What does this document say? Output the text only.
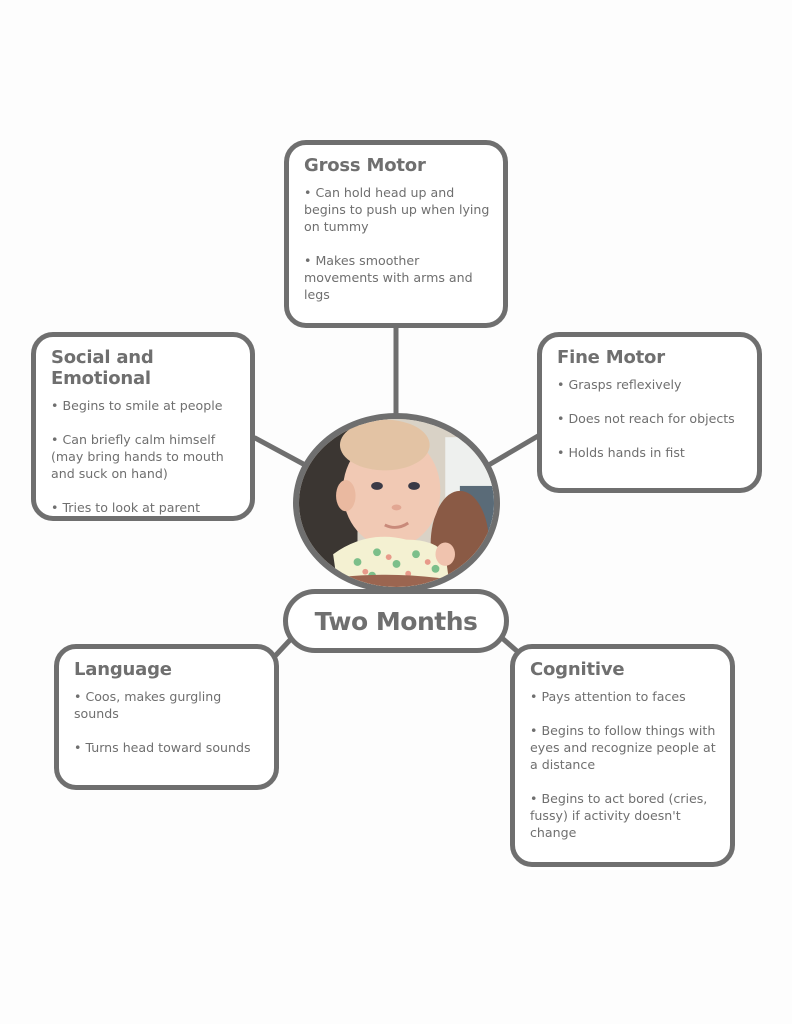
Gross Motor
• Can hold head up and begins to push up when lying on tummy
• Makes smoother movements with arms and legs
Social and Emotional
• Begins to smile at people
• Can briefly calm himself (may bring hands to mouth and suck on hand)
• Tries to look at parent
Fine Motor
• Grasps reflexively
• Does not reach for objects
• Holds hands in fist
Language
• Coos, makes gurgling sounds
• Turns head toward sounds
Cognitive
• Pays attention to faces
• Begins to follow things with eyes and recognize people at a distance
• Begins to act bored (cries, fussy) if activity doesn't change
Two Months
